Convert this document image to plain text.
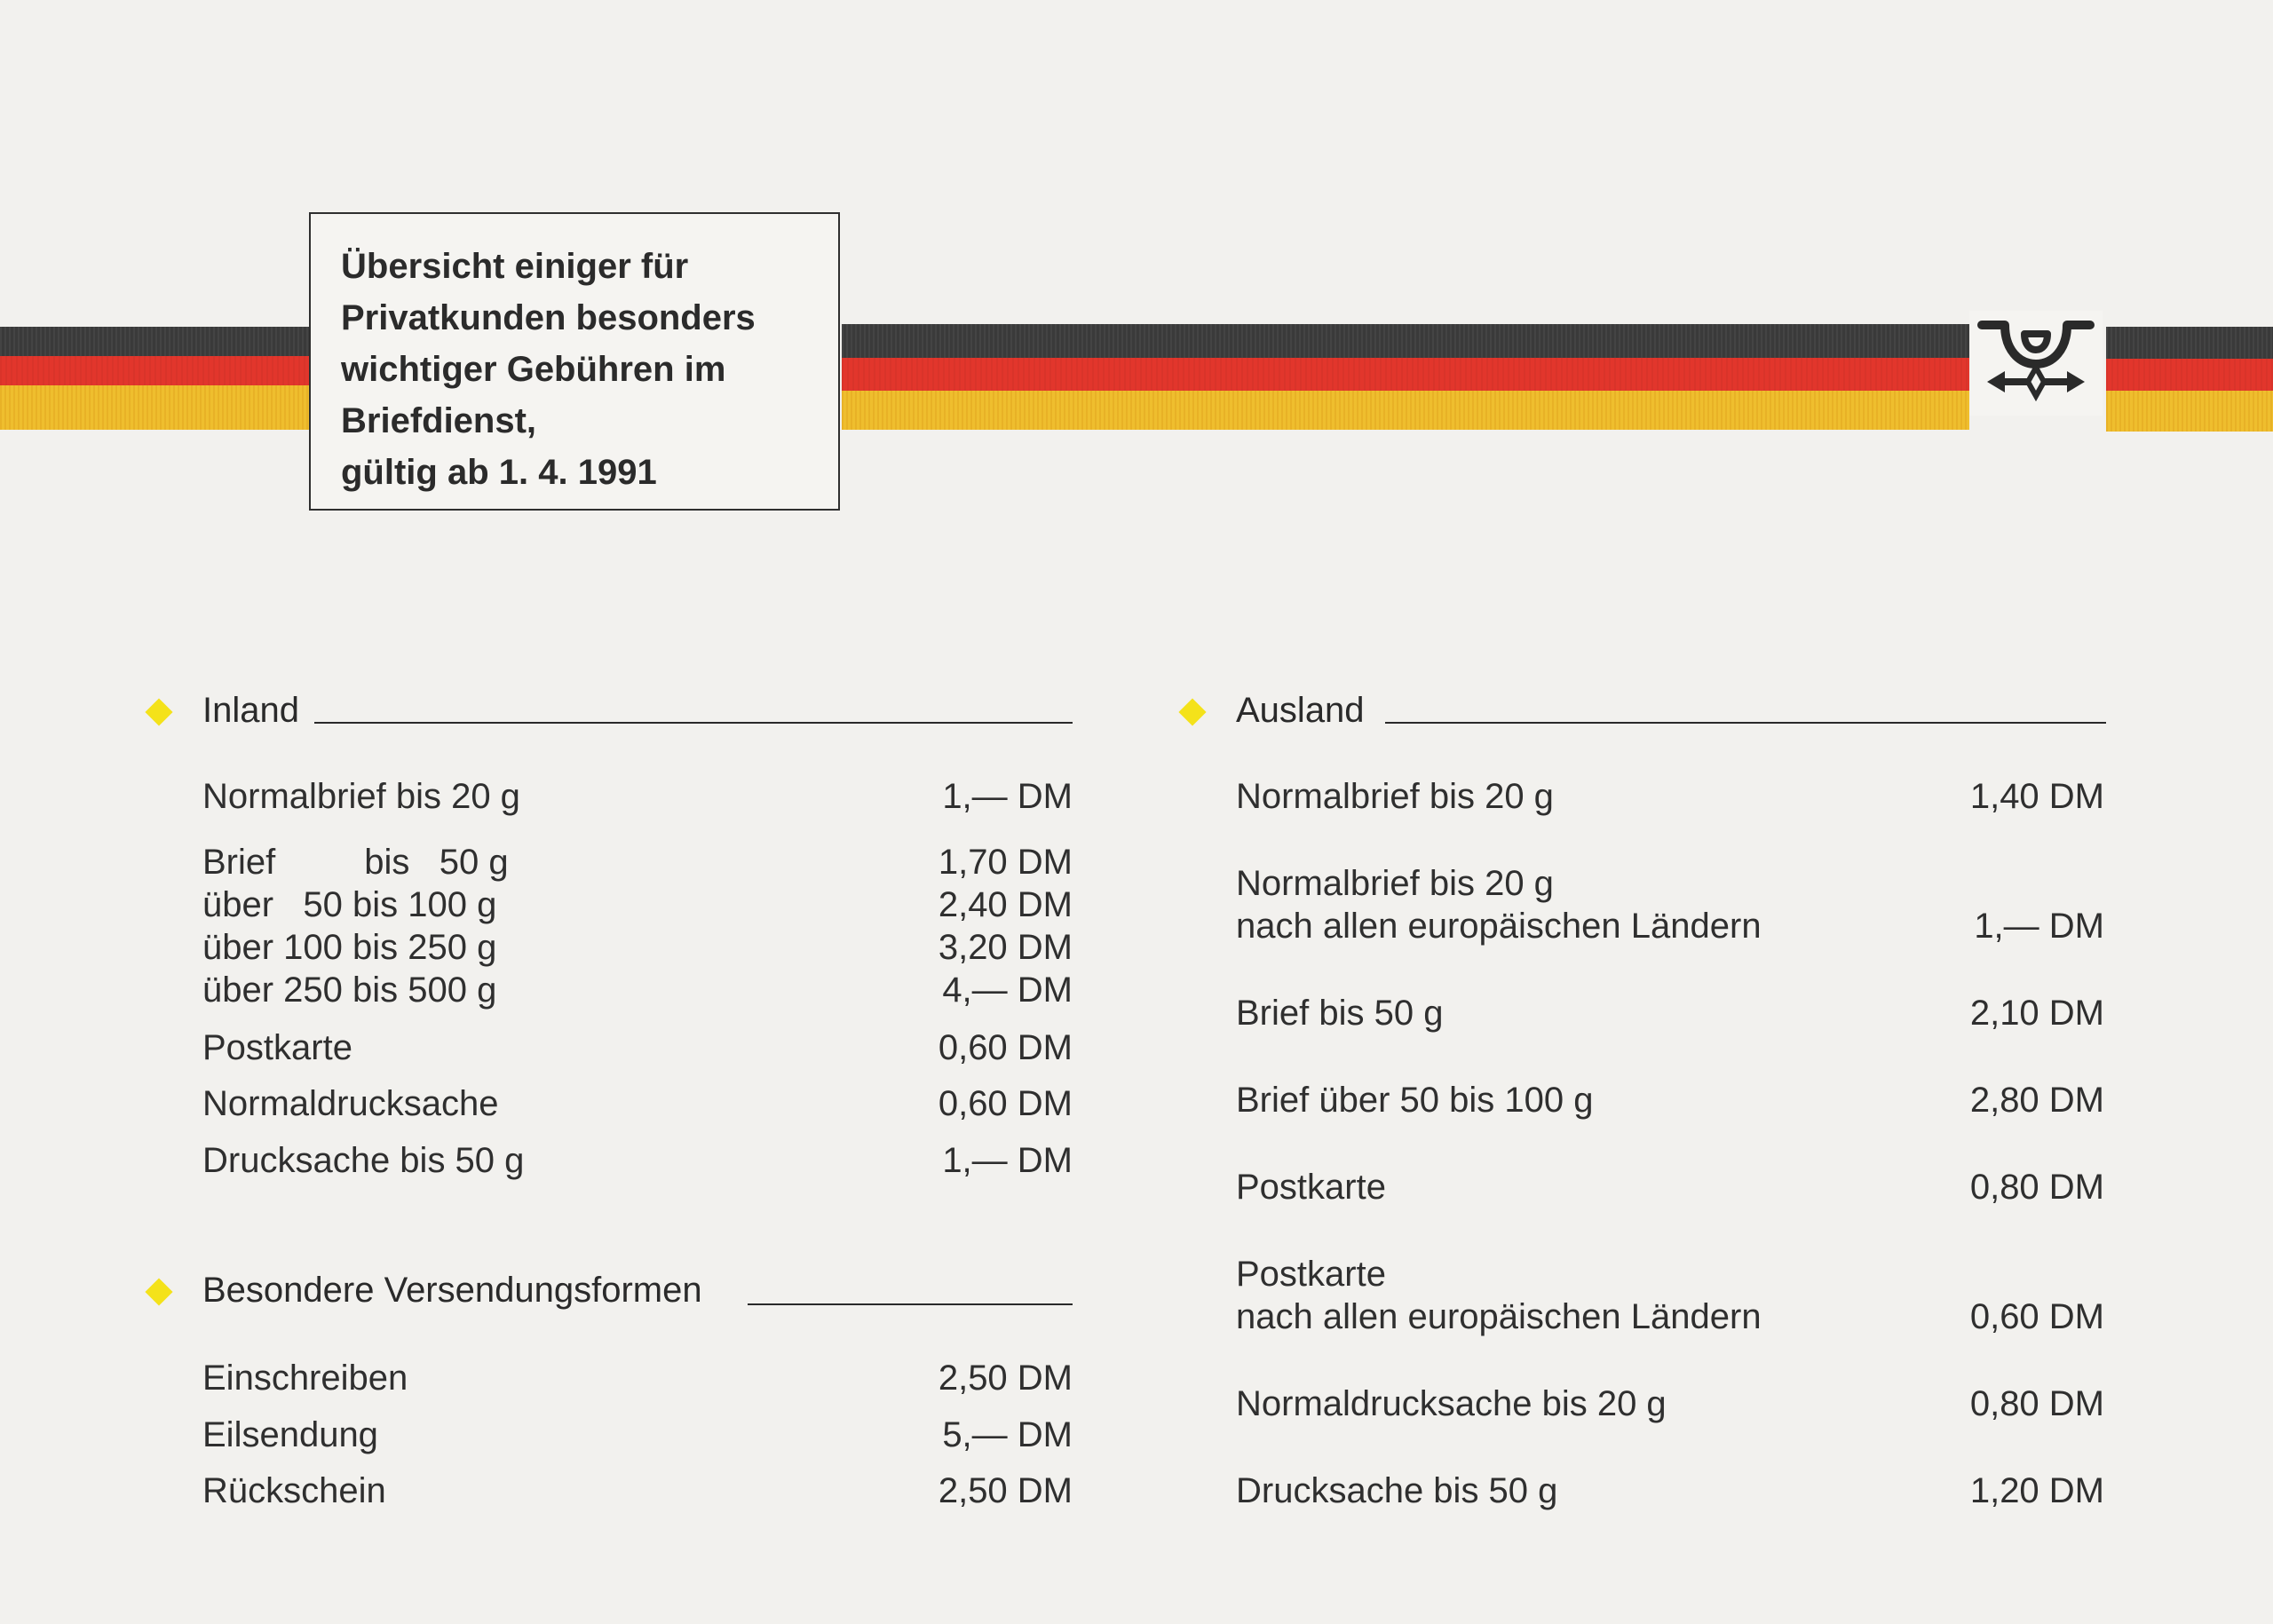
Übersicht einiger für
Privatkunden besonders
wichtiger Gebühren im
Briefdienst,
gültig ab 1. 4. 1991
Inland
Normalbrief bis 20 g	1,— DM
Brief         bis   50 g	1,70 DM
über   50 bis 100 g	2,40 DM
über 100 bis 250 g	3,20 DM
über 250 bis 500 g	4,— DM
Postkarte	0,60 DM
Normaldrucksache	0,60 DM
Drucksache bis 50 g	1,— DM
Besondere Versendungsformen
Einschreiben	2,50 DM
Eilsendung	5,— DM
Rückschein	2,50 DM
Ausland
Normalbrief bis 20 g	1,40 DM
Normalbrief bis 20 g
nach allen europäischen Ländern	1,— DM
Brief bis 50 g	2,10 DM
Brief über 50 bis 100 g	2,80 DM
Postkarte	0,80 DM
Postkarte
nach allen europäischen Ländern	0,60 DM
Normaldrucksache bis 20 g	0,80 DM
Drucksache bis 50 g	1,20 DM
